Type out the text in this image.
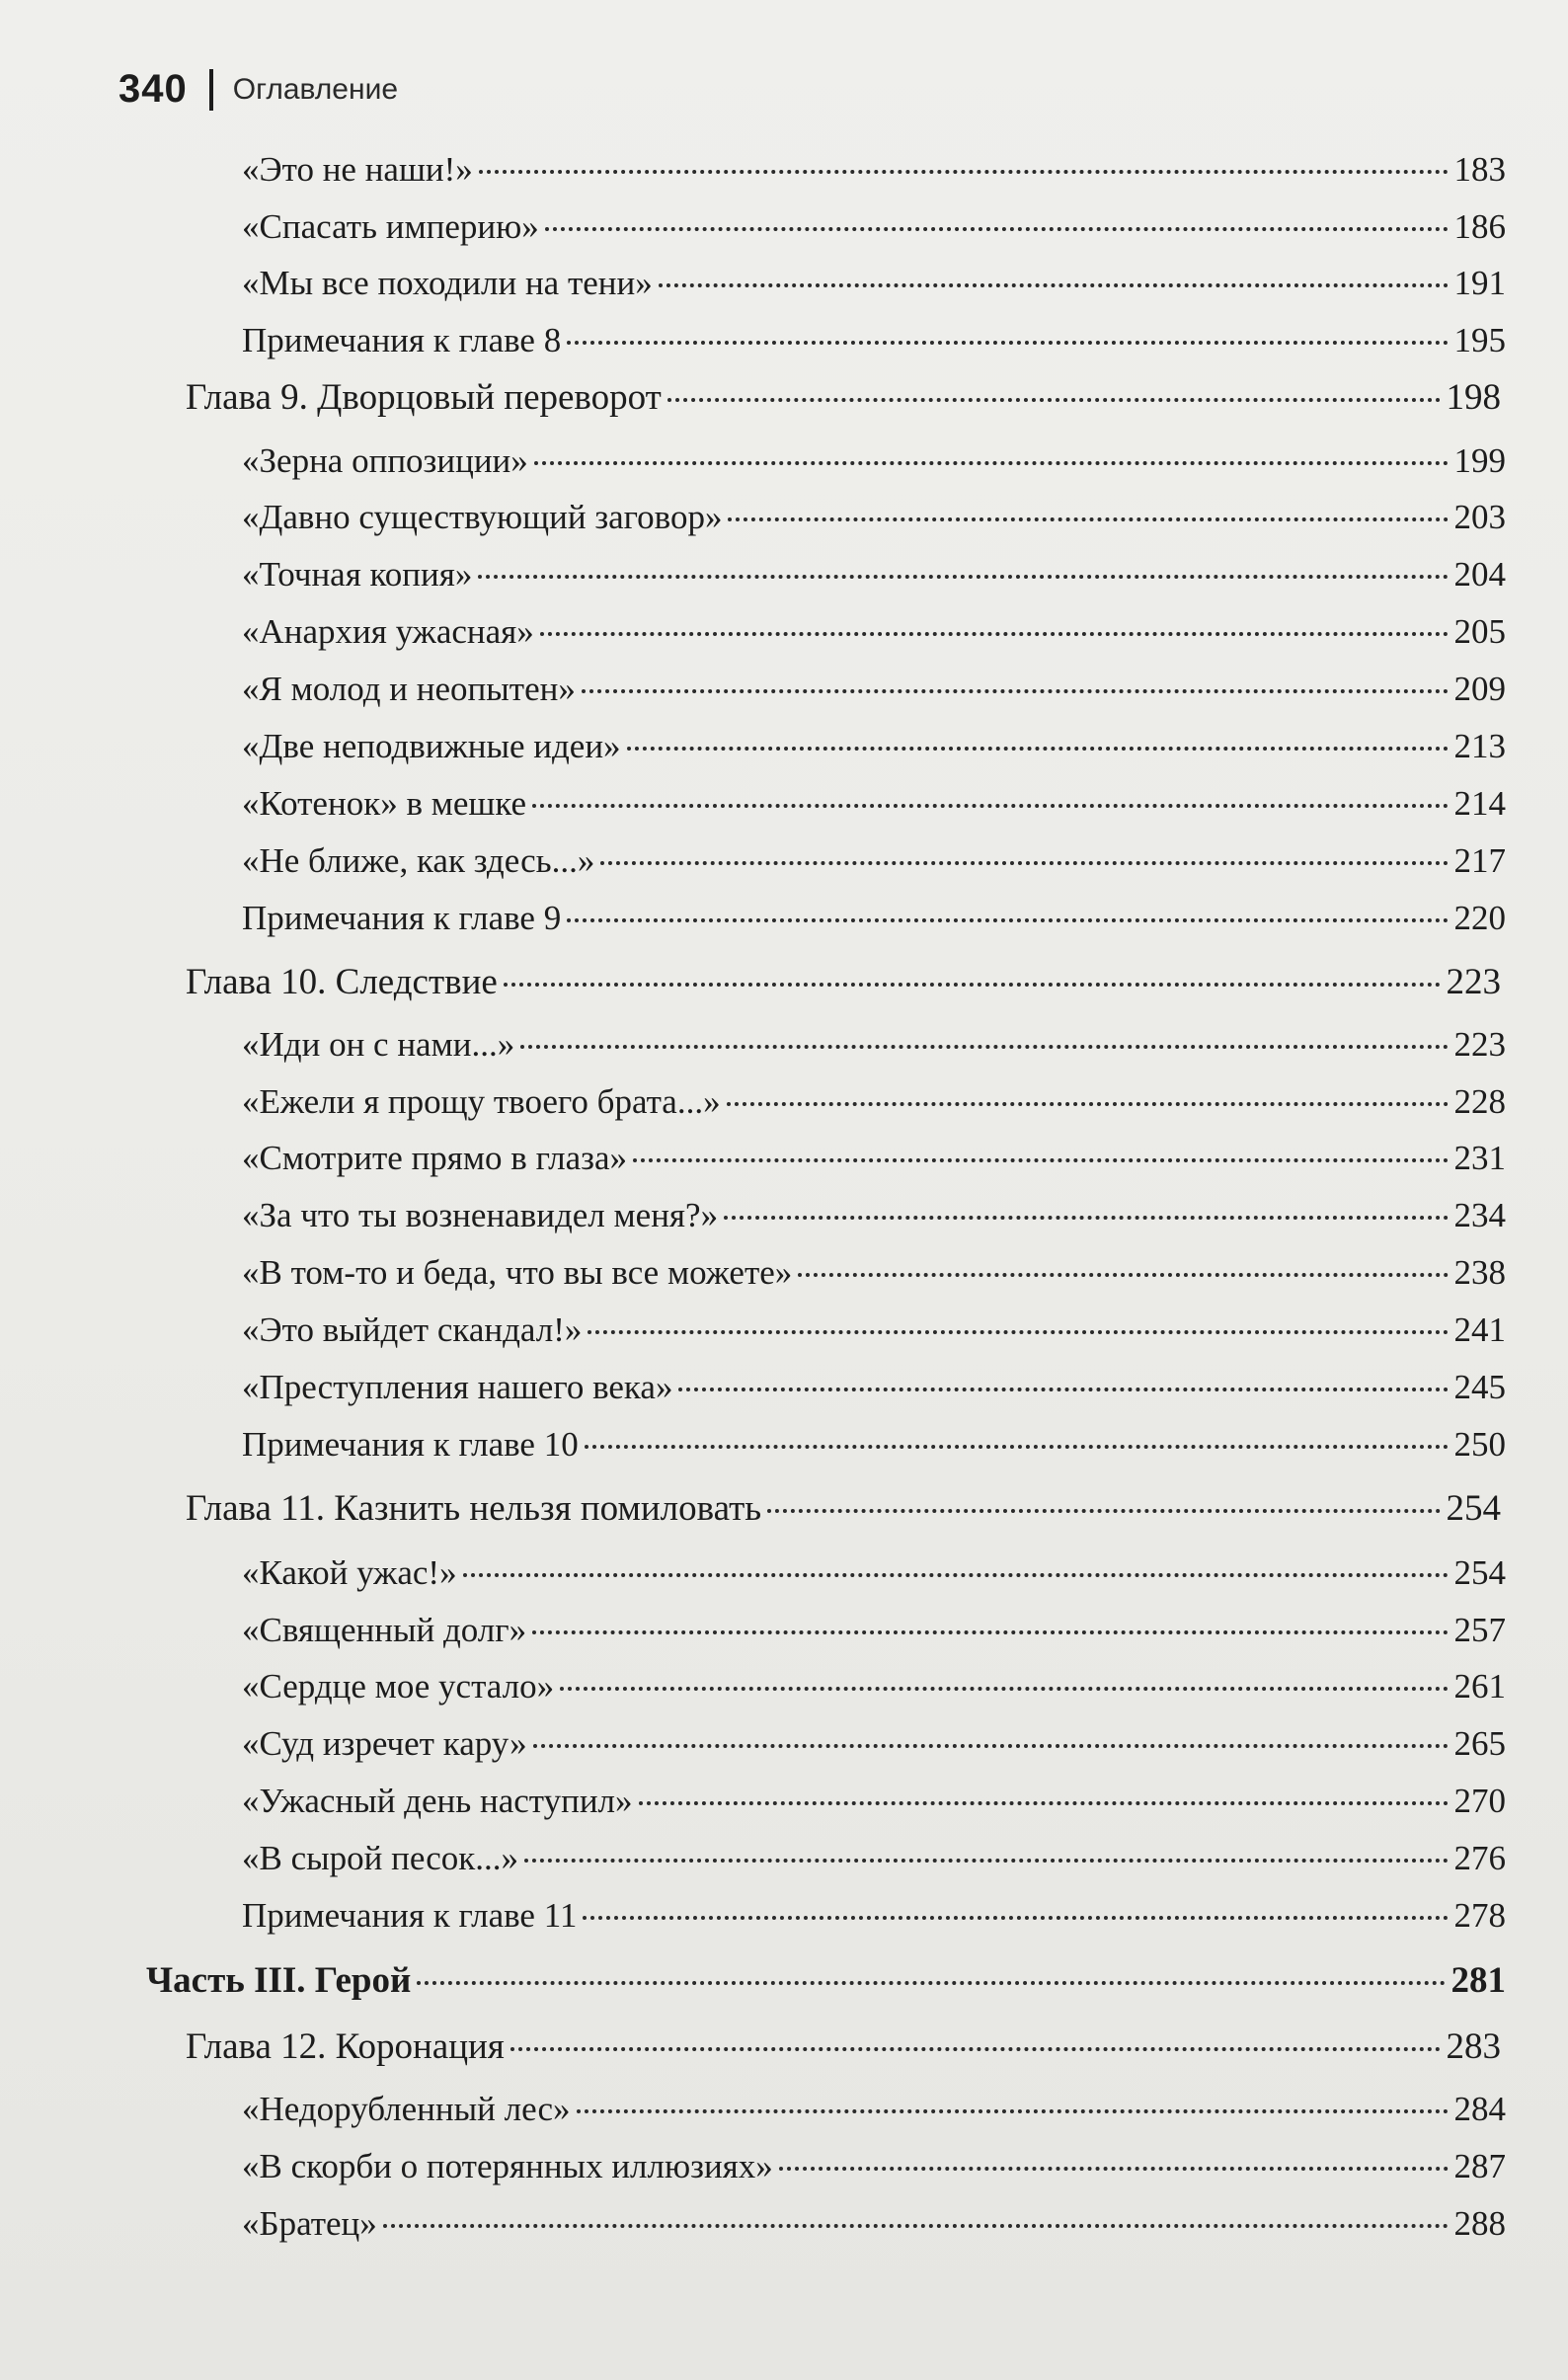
340 Оглавление
«Это не наши!»	183
«Спасать империю»	186
«Мы все походили на тени»	191
Примечания к главе 8	195
Глава 9. Дворцовый переворот	198
«Зерна оппозиции»	199
«Давно существующий заговор»	203
«Точная копия»	204
«Анархия ужасная»	205
«Я молод и неопытен»	209
«Две неподвижные идеи»	213
«Котенок» в мешке	214
«Не ближе, как здесь...»	217
Примечания к главе 9	220
Глава 10. Следствие	223
«Иди он с нами...»	223
«Ежели я прощу твоего брата...»	228
«Смотрите прямо в глаза»	231
«За что ты возненавидел меня?»	234
«В том-то и беда, что вы все можете»	238
«Это выйдет скандал!»	241
«Преступления нашего века»	245
Примечания к главе 10	250
Глава 11. Казнить нельзя помиловать	254
«Какой ужас!»	254
«Священный долг»	257
«Сердце мое устало»	261
«Суд изречет кару»	265
«Ужасный день наступил»	270
«В сырой песок...»	276
Примечания к главе 11	278
Часть III. Герой	281
Глава 12. Коронация	283
«Недорубленный лес»	284
«В скорби о потерянных иллюзиях»	287
«Братец»	288
